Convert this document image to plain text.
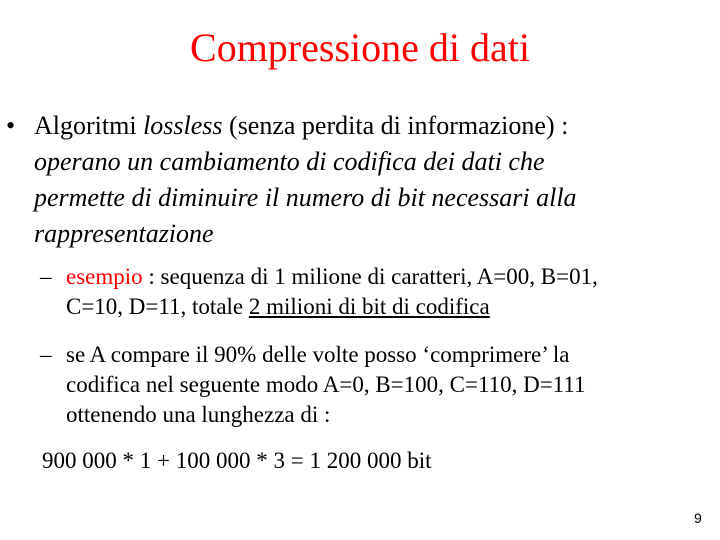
Compressione di dati
• Algoritmi lossless (senza perdita di informazione) :
operano un cambiamento di codifica dei dati che
permette di diminuire il numero di bit necessari alla
rappresentazione
– esempio : sequenza di 1 milione di caratteri, A=00, B=01,
C=10, D=11, totale 2 milioni di bit di codifica
– se A compare il 90% delle volte posso ‘comprimere’ la
codifica nel seguente modo A=0, B=100, C=110, D=111
ottenendo una lunghezza di :
900 000 * 1 + 100 000 * 3 = 1 200 000 bit
9
